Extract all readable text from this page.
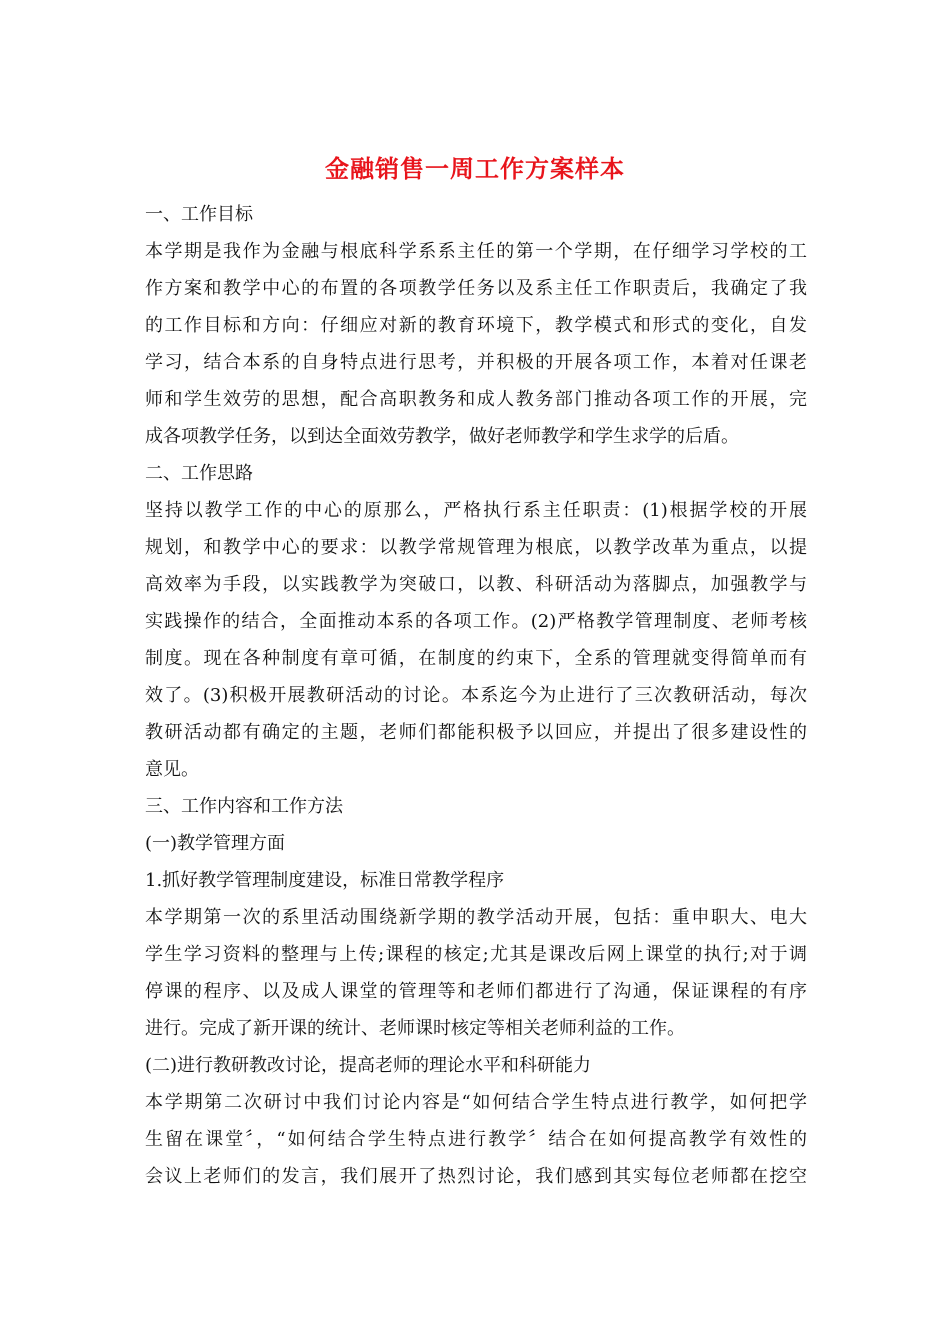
金融销售一周工作方案样本
一、工作目标
本学期是我作为金融与根底科学系系主任的第一个学期，在仔细学习学校的工
作方案和教学中心的布置的各项教学任务以及系主任工作职责后，我确定了我
的工作目标和方向：仔细应对新的教育环境下，教学模式和形式的变化，自发
学习，结合本系的自身特点进行思考，并积极的开展各项工作，本着对任课老
师和学生效劳的思想，配合高职教务和成人教务部门推动各项工作的开展，完
成各项教学任务，以到达全面效劳教学，做好老师教学和学生求学的后盾。
二、工作思路
坚持以教学工作的中心的原那么，严格执行系主任职责：(1)根据学校的开展
规划，和教学中心的要求：以教学常规管理为根底，以教学改革为重点，以提
高效率为手段，以实践教学为突破口，以教、科研活动为落脚点，加强教学与
实践操作的结合，全面推动本系的各项工作。(2)严格教学管理制度、老师考核
制度。现在各种制度有章可循，在制度的约束下，全系的管理就变得简单而有
效了。(3)积极开展教研活动的讨论。本系迄今为止进行了三次教研活动，每次
教研活动都有确定的主题，老师们都能积极予以回应，并提出了很多建设性的
意见。
三、工作内容和工作方法
(一)教学管理方面
1.抓好教学管理制度建设，标准日常教学程序
本学期第一次的系里活动围绕新学期的教学活动开展，包括：重申职大、电大
学生学习资料的整理与上传;课程的核定;尤其是课改后网上课堂的执行;对于调
停课的程序、以及成人课堂的管理等和老师们都进行了沟通，保证课程的有序
进行。完成了新开课的统计、老师课时核定等相关老师利益的工作。
(二)进行教研教改讨论，提高老师的理论水平和科研能力
本学期第二次研讨中我们讨论内容是“如何结合学生特点进行教学，如何把学
生留在课堂〞，“如何结合学生特点进行教学〞结合在如何提高教学有效性的
会议上老师们的发言，我们展开了热烈讨论，我们感到其实每位老师都在挖空
